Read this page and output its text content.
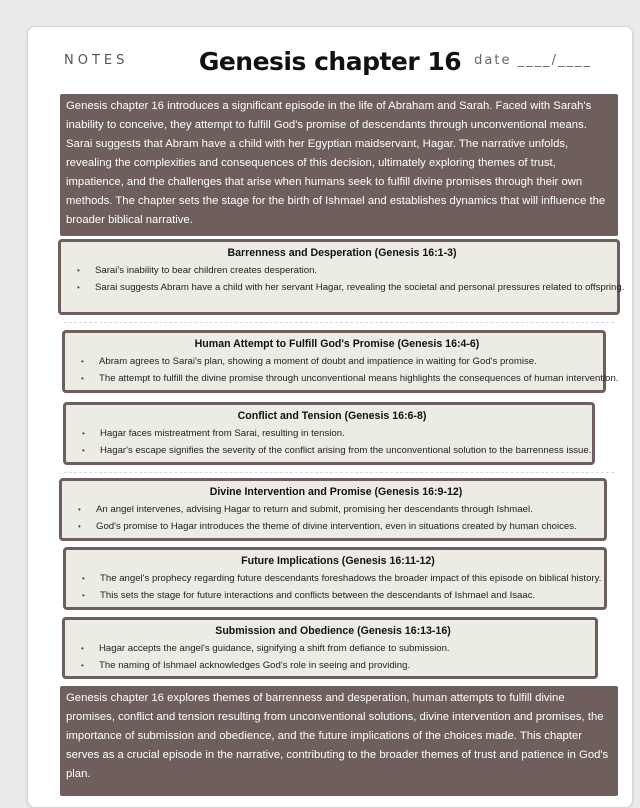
NOTES	Genesis chapter 16 date ____/____
Genesis chapter 16 introduces a significant episode in the life of Abraham and Sarah. Faced with Sarah's inability to conceive, they attempt to fulfill God's promise of descendants through unconventional means. Sarai suggests that Abram have a child with her Egyptian maidservant, Hagar. The narrative unfolds, revealing the complexities and consequences of this decision, ultimately exploring themes of trust, impatience, and the challenges that arise when humans seek to fulfill divine promises through their own methods. The chapter sets the stage for the birth of Ishmael and establishes dynamics that will influence the broader biblical narrative.
Barrenness and Desperation (Genesis 16:1-3)
• Sarai's inability to bear children creates desperation.
• Sarai suggests Abram have a child with her servant Hagar, revealing the societal and personal pressures related to offspring.
Human Attempt to Fulfill God's Promise (Genesis 16:4-6)
• Abram agrees to Sarai's plan, showing a moment of doubt and impatience in waiting for God's promise.
• The attempt to fulfill the divine promise through unconventional means highlights the consequences of human intervention.
Conflict and Tension (Genesis 16:6-8)
• Hagar faces mistreatment from Sarai, resulting in tension.
• Hagar's escape signifies the severity of the conflict arising from the unconventional solution to the barrenness issue.
Divine Intervention and Promise (Genesis 16:9-12)
• An angel intervenes, advising Hagar to return and submit, promising her descendants through Ishmael.
• God's promise to Hagar introduces the theme of divine intervention, even in situations created by human choices.
Future Implications (Genesis 16:11-12)
• The angel's prophecy regarding future descendants foreshadows the broader impact of this episode on biblical history.
• This sets the stage for future interactions and conflicts between the descendants of Ishmael and Isaac.
Submission and Obedience (Genesis 16:13-16)
• Hagar accepts the angel's guidance, signifying a shift from defiance to submission.
• The naming of Ishmael acknowledges God's role in seeing and providing.
Genesis chapter 16 explores themes of barrenness and desperation, human attempts to fulfill divine promises, conflict and tension resulting from unconventional solutions, divine intervention and promises, the importance of submission and obedience, and the future implications of the choices made. This chapter serves as a crucial episode in the narrative, contributing to the broader themes of trust and patience in God's plan.
